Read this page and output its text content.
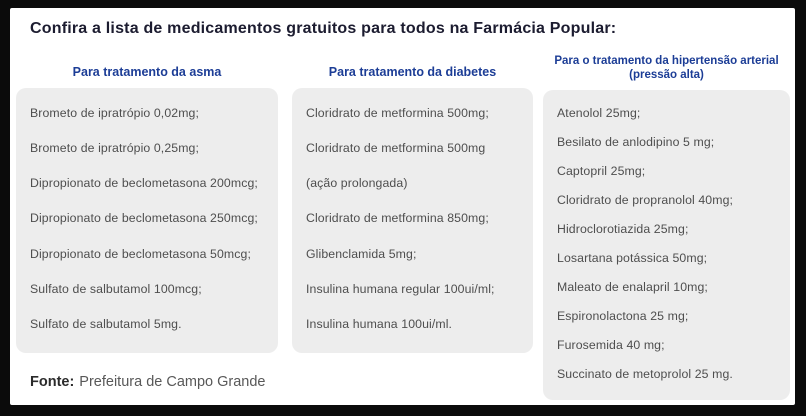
Confira a lista de medicamentos gratuitos para todos na Farmácia Popular:
Para tratamento da asma
Brometo de ipratrópio 0,02mg;
Brometo de ipratrópio 0,25mg;
Dipropionato de beclometasona 200mcg;
Dipropionato de beclometasona 250mcg;
Dipropionato de beclometasona 50mcg;
Sulfato de salbutamol 100mcg;
Sulfato de salbutamol 5mg.
Para tratamento da diabetes
Cloridrato de metformina 500mg;
Cloridrato de metformina 500mg
(ação prolongada)
Cloridrato de metformina 850mg;
Glibenclamida 5mg;
Insulina humana regular 100ui/ml;
Insulina humana 100ui/ml.
Para o tratamento da hipertensão arterial
(pressão alta)
Atenolol 25mg;
Besilato de anlodipino 5 mg;
Captopril 25mg;
Cloridrato de propranolol 40mg;
Hidroclorotiazida 25mg;
Losartana potássica 50mg;
Maleato de enalapril 10mg;
Espironolactona 25 mg;
Furosemida 40 mg;
Succinato de metoprolol 25 mg.
Fonte: Prefeitura de Campo Grande
